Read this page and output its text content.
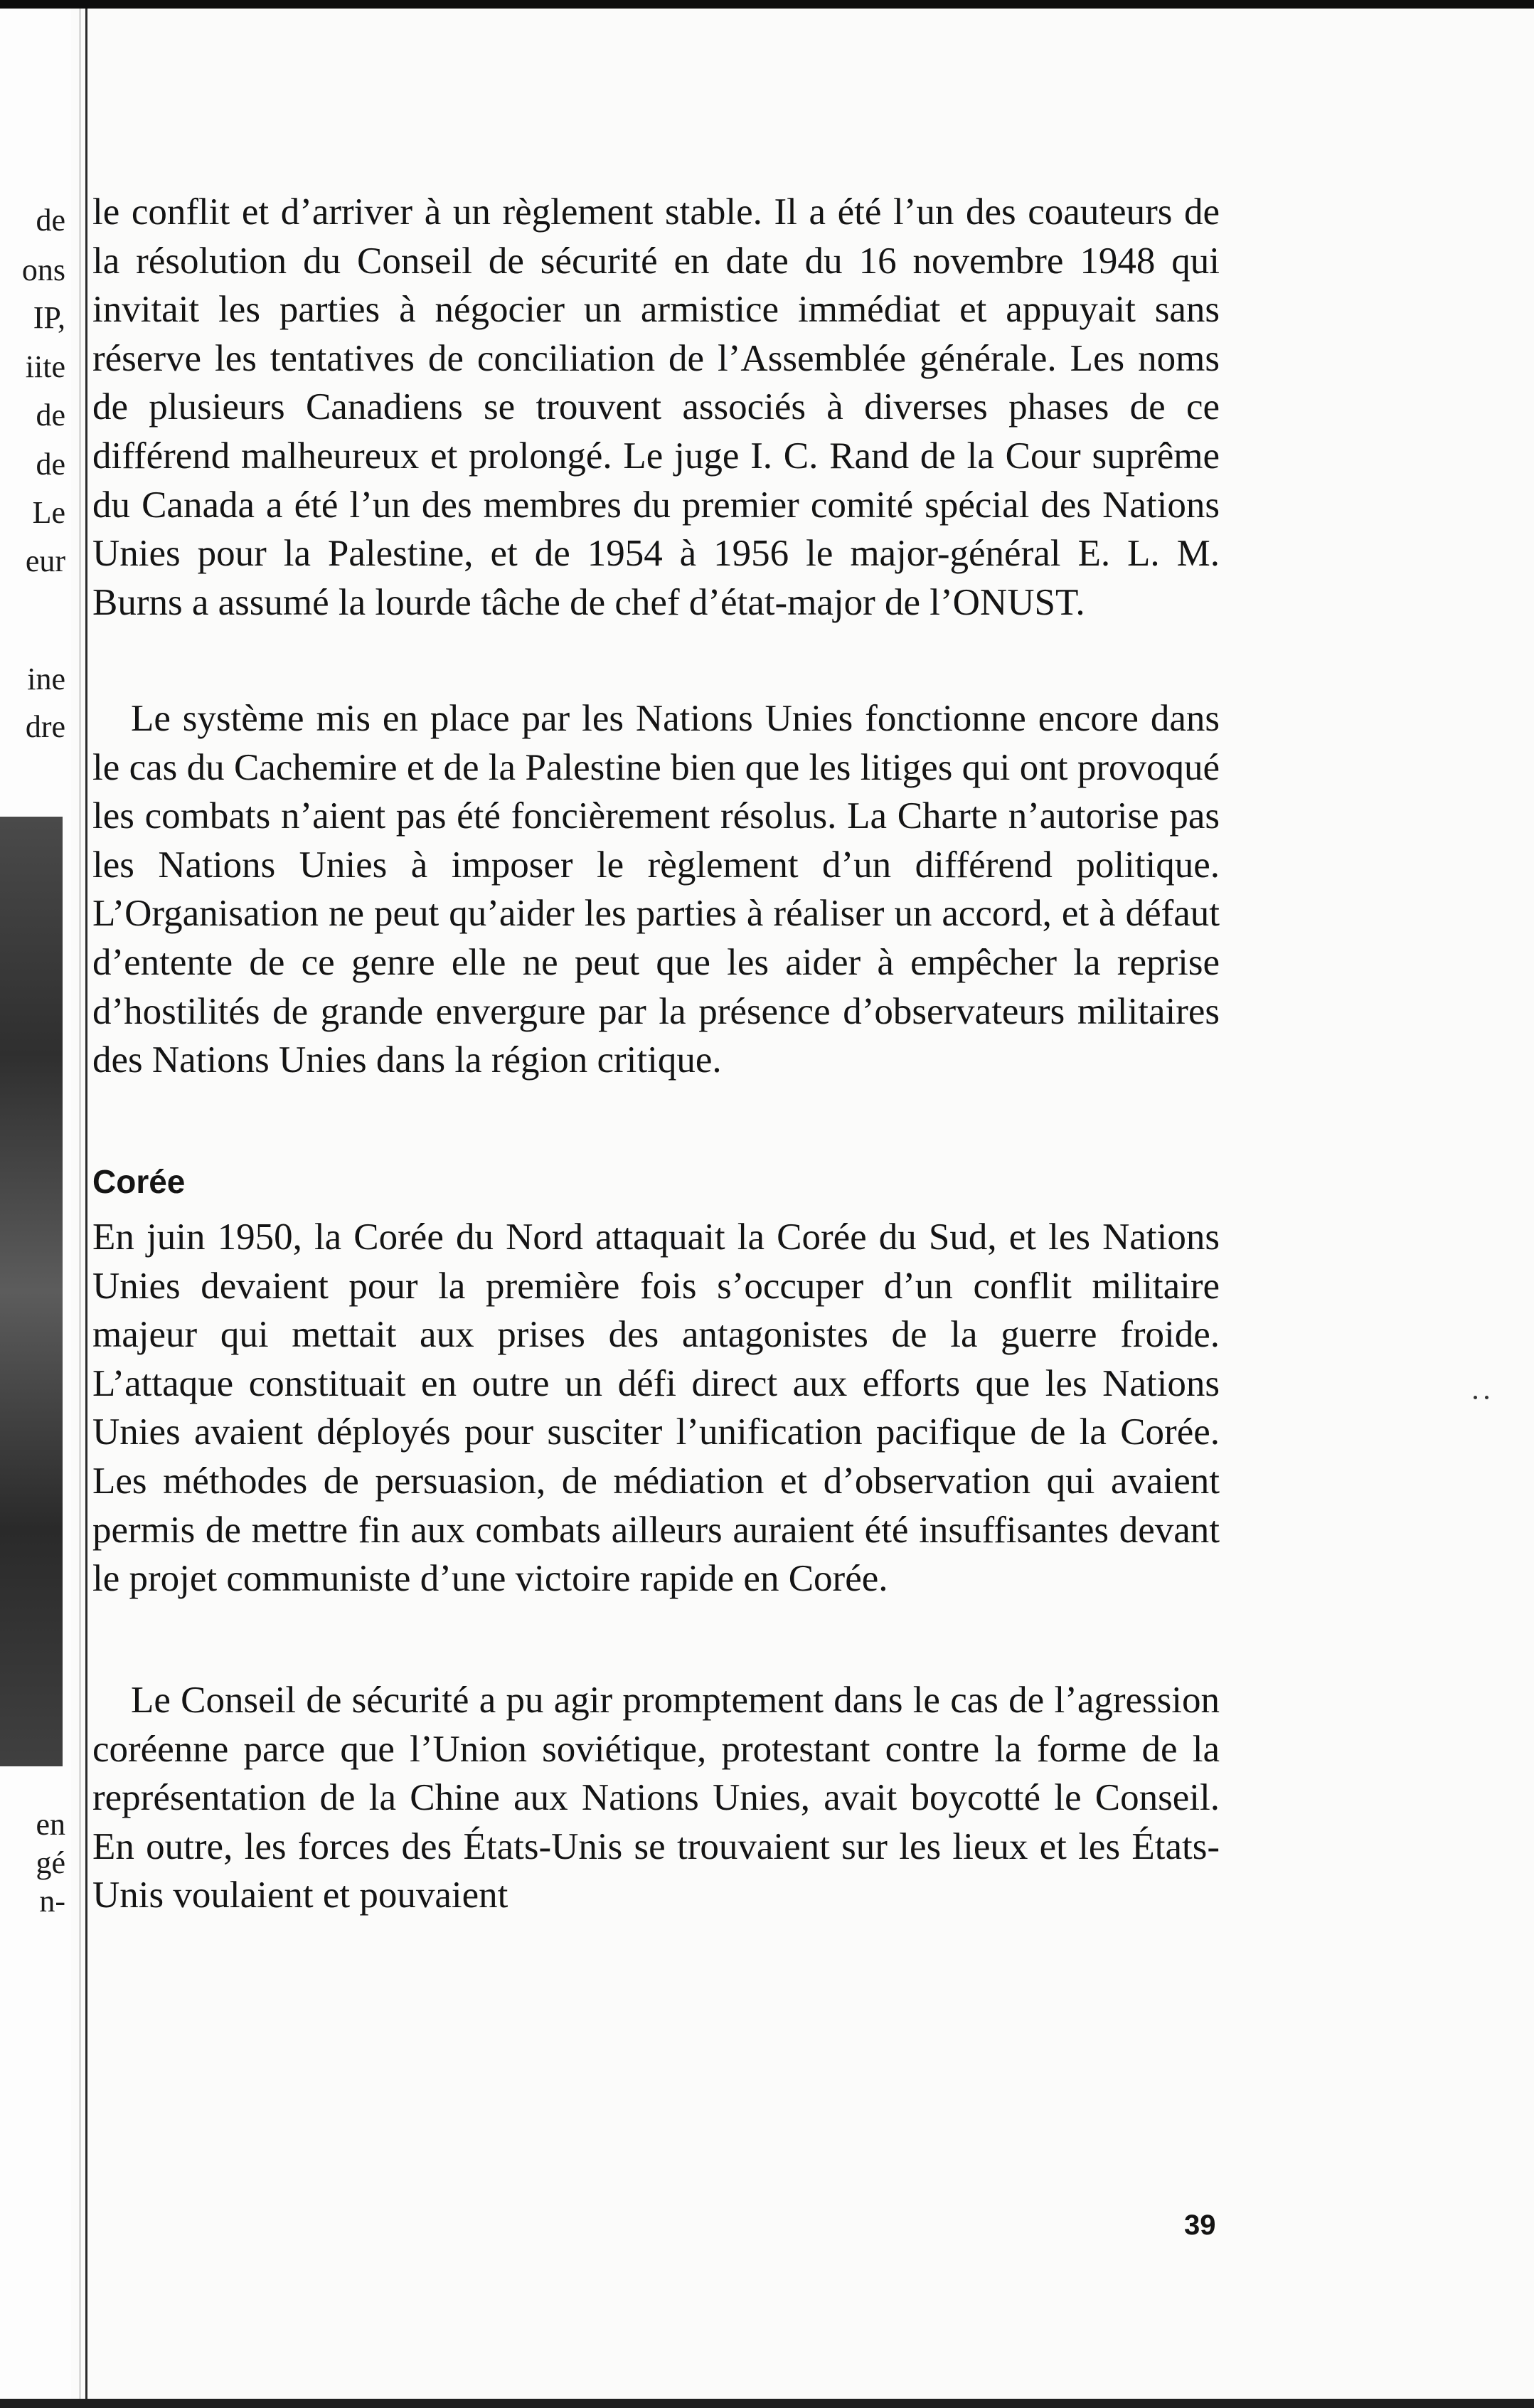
de
ons
IP,
iite
de
de
Le
eur
ine
dre
en
gé
n-

le conflit et d’arriver à un règlement stable. Il a été l’un des coauteurs de la résolution du Conseil de sécurité en date du 16 novembre 1948 qui invitait les parties à négocier un armistice immédiat et appuyait sans réserve les tentatives de conciliation de l’Assemblée générale. Les noms de plusieurs Canadiens se trouvent associés à diverses phases de ce différend malheureux et prolongé. Le juge I. C. Rand de la Cour suprême du Canada a été l’un des membres du premier comité spécial des Nations Unies pour la Palestine, et de 1954 à 1956 le major-général E. L. M. Burns a assumé la lourde tâche de chef d’état-major de l’ONUST.

Le système mis en place par les Nations Unies fonctionne encore dans le cas du Cachemire et de la Palestine bien que les litiges qui ont provoqué les combats n’aient pas été foncièrement résolus. La Charte n’autorise pas les Nations Unies à imposer le règlement d’un différend politique. L’Organisation ne peut qu’aider les parties à réaliser un accord, et à défaut d’entente de ce genre elle ne peut que les aider à empêcher la reprise d’hostilités de grande envergure par la présence d’observateurs militaires des Nations Unies dans la région critique.

Corée

En juin 1950, la Corée du Nord attaquait la Corée du Sud, et les Nations Unies devaient pour la première fois s’occuper d’un conflit militaire majeur qui mettait aux prises des antagonistes de la guerre froide. L’attaque constituait en outre un défi direct aux efforts que les Nations Unies avaient déployés pour susciter l’unification pacifique de la Corée. Les méthodes de persuasion, de médiation et d’observation qui avaient permis de mettre fin aux combats ailleurs auraient été insuffisantes devant le projet communiste d’une victoire rapide en Corée.

Le Conseil de sécurité a pu agir promptement dans le cas de l’agression coréenne parce que l’Union soviétique, protestant contre la forme de la représentation de la Chine aux Nations Unies, avait boycotté le Conseil. En outre, les forces des États-Unis se trouvaient sur les lieux et les États-Unis voulaient et pouvaient

39
